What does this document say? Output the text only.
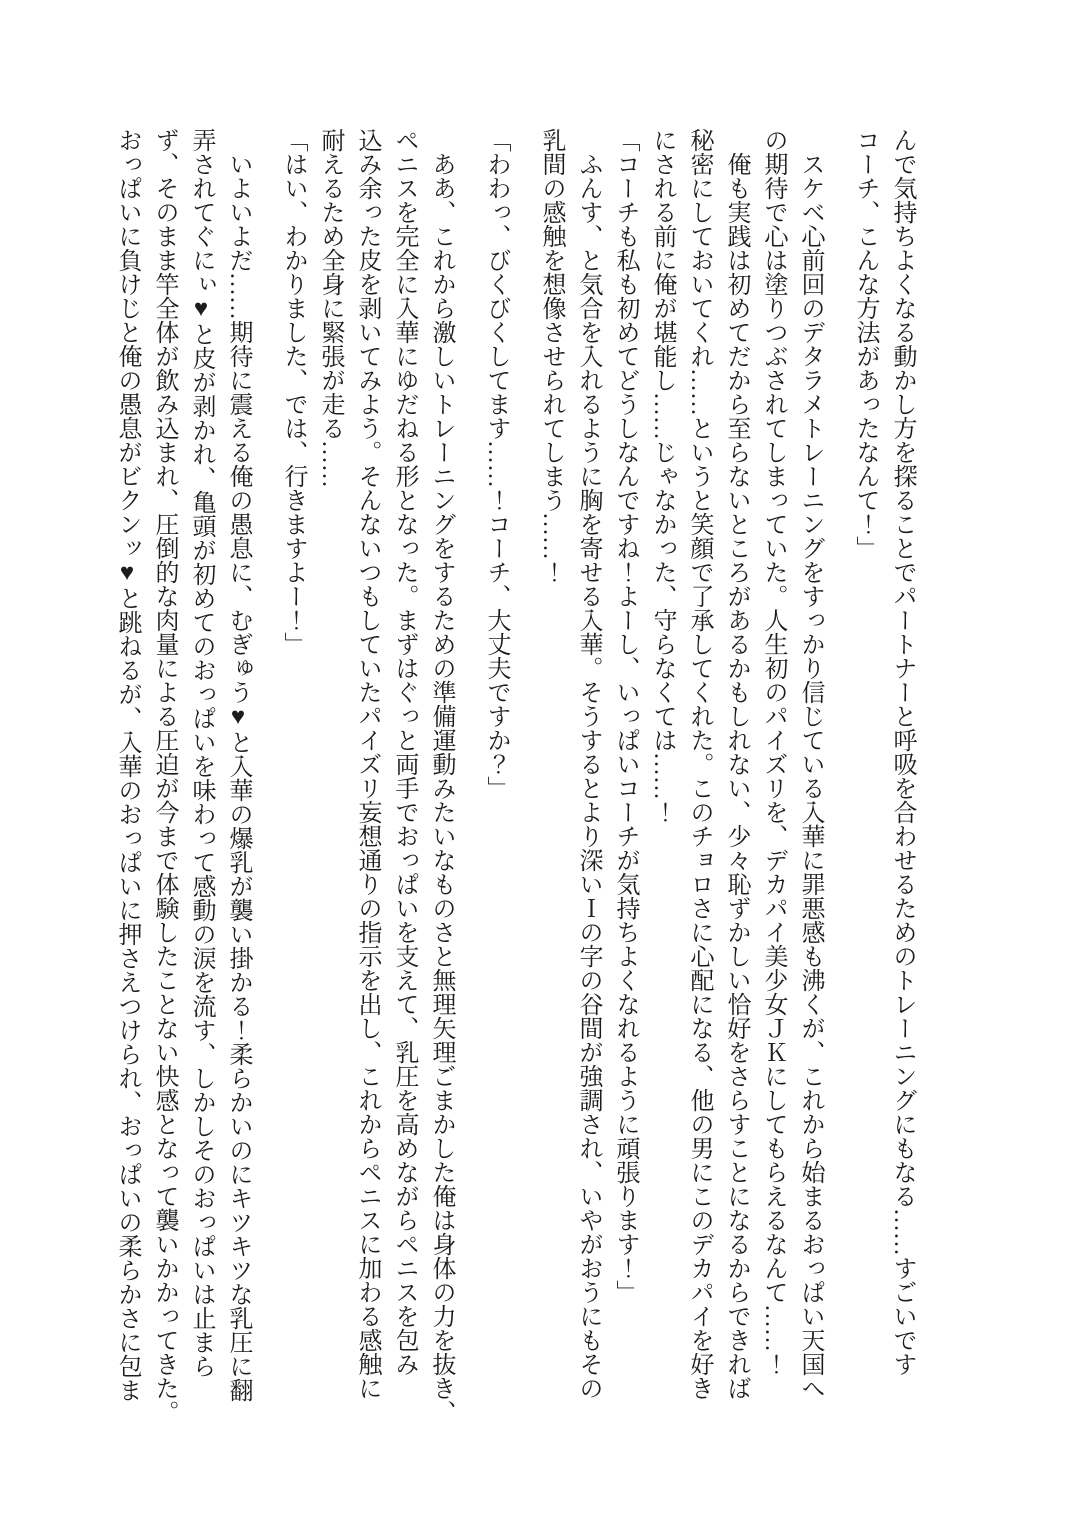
んで気持ちよくなる動かし方を探ることでパートナーと呼吸を合わせるためのトレーニングにもなる……すごいです
コーチ、こんな方法があったなんて！」

スケベ心前回のデタラメトレーニングをすっかり信じている入華に罪悪感も沸くが、これから始まるおっぱい天国へ
の期待で心は塗りつぶされてしまっていた。人生初のパイズリを、デカパイ美少女ＪＫにしてもらえるなんて……！

俺も実践は初めてだから至らないところがあるかもしれない、少々恥ずかしい恰好をさらすことになるからできれば
秘密にしておいてくれ……というと笑顔で了承してくれた。このチョロさに心配になる、他の男にこのデカパイを好き
にされる前に俺が堪能し……じゃなかった、守らなくては……！

「コーチも私も初めてどうしなんですね！よーし、いっぱいコーチが気持ちよくなれるように頑張ります！」

ふんす、と気合を入れるように胸を寄せる入華。そうするとより深いＩの字の谷間が強調され、いやがおうにもその
乳間の感触を想像させられてしまう……！

「わわっ、びくびくしてます……！コーチ、大丈夫ですか？」

ああ、これから激しいトレーニングをするための準備運動みたいなものさと無理矢理ごまかした俺は身体の力を抜き、
ペニスを完全に入華にゆだねる形となった。まずはぐっと両手でおっぱいを支えて、乳圧を高めながらペニスを包み
込み余った皮を剥いてみよう。そんないつもしていたパイズリ妄想通りの指示を出し、これからペニスに加わる感触に
耐えるため全身に緊張が走る……

「はい、わかりました、では、行きますよー！」

いよいよだ……期待に震える俺の愚息に、むぎゅう♥と入華の爆乳が襲い掛かる！柔らかいのにキツキツな乳圧に翻
弄されてぐにぃ♥と皮が剥かれ、亀頭が初めてのおっぱいを味わって感動の涙を流す、しかしそのおっぱいは止まら
ず、そのまま竿全体が飲み込まれ、圧倒的な肉量による圧迫が今まで体験したことない快感となって襲いかかってきた。
おっぱいに負けじと俺の愚息がビクンッ♥と跳ねるが、入華のおっぱいに押さえつけられ、おっぱいの柔らかさに包ま
